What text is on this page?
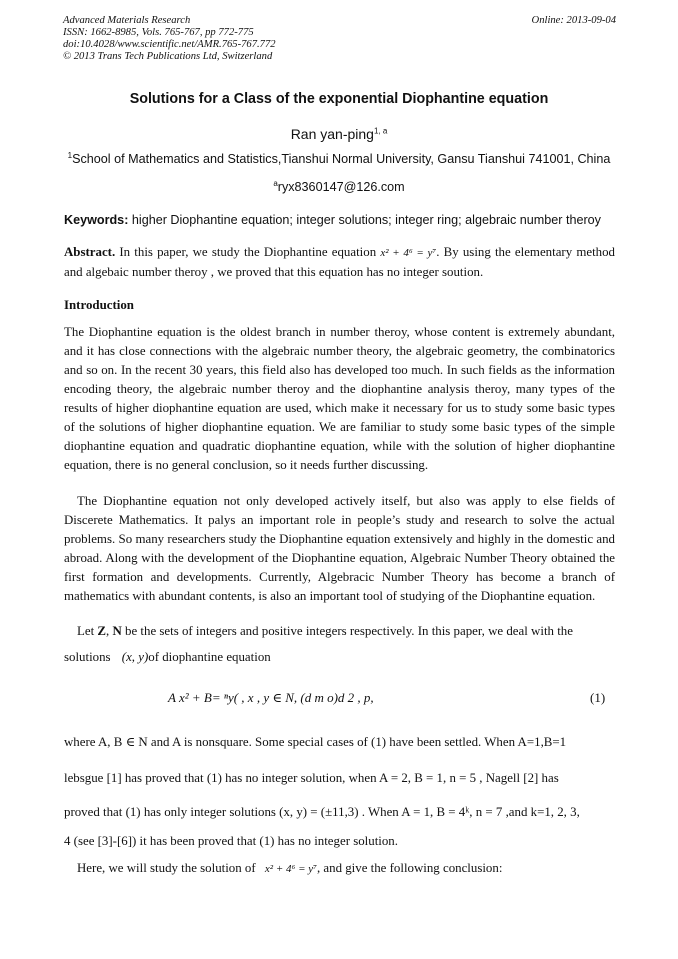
Advanced Materials Research
ISSN: 1662-8985, Vols. 765-767, pp 772-775
doi:10.4028/www.scientific.net/AMR.765-767.772
© 2013 Trans Tech Publications Ltd, Switzerland
Online: 2013-09-04
Solutions for a Class of the exponential Diophantine equation
Ran yan-ping$^{1, a}$
$^1$School of Mathematics and Statistics,Tianshui Normal University, Gansu Tianshui 741001, China
$^a$ryx8360147@126.com
Keywords: higher Diophantine equation; integer solutions; integer ring; algebraic number theroy
Abstract. In this paper, we study the Diophantine equation x² + 4⁶ = y⁷. By using the elementary method and algebaic number theroy , we proved that this equation has no integer soution.
Introduction
The Diophantine equation is the oldest branch in number theroy, whose content is extremely abundant, and it has close connections with the algebraic number theory, the algebraic geometry, the combinatorics and so on. In the recent 30 years, this field also has developed too much. In such fields as the information encoding theory, the algebraic number theroy and the diophantine analysis theroy, many types of the results of higher diophantine equation are used, which make it necessary for us to study some basic types of the solutions of higher diophantine equation. We are familiar to study some basic types of the simple diophantine equation and quadratic diophantine equation, while with the solution of higher diophantine equation, there is no general conclusion, so it needs further discussing.
The Diophantine equation not only developed actively itself, but also was apply to else fields of Discerete Mathematics. It palys an important role in people’s study and research to solve the actual problems. So many researchers study the Diophantine equation extensively and highly in the domestic and abroad. Along with the development of the Diophantine equation, Algebraic Number Theory obtained the first formation and developments. Currently, Algebracic Number Theory has become a branch of mathematics with abundant contents, is also an important tool of studying of the Diophantine equation.
Let Z, N be the sets of integers and positive integers respectively. In this paper, we deal with the
solutions (x, y)of diophantine equation
A x² + B= ⁿy( , x , y ∈ N, (d m o)d 2 , p,	(1)
where A, B ∈ N and A is nonsquare. Some special cases of (1) have been settled. When A=1,B=1
lebsgue [1] has proved that (1) has no integer solution, when A = 2, B = 1, n = 5 , Nagell [2] has
proved that (1) has only integer solutions (x, y) = (±11,3) . When A = 1, B = 4ᵏ, n = 7 ,and k=1, 2, 3,
4 (see [3]-[6]) it has been proved that (1) has no integer solution.
Here, we will study the solution of x² + 4⁶ = y⁷, and give the following conclusion:
